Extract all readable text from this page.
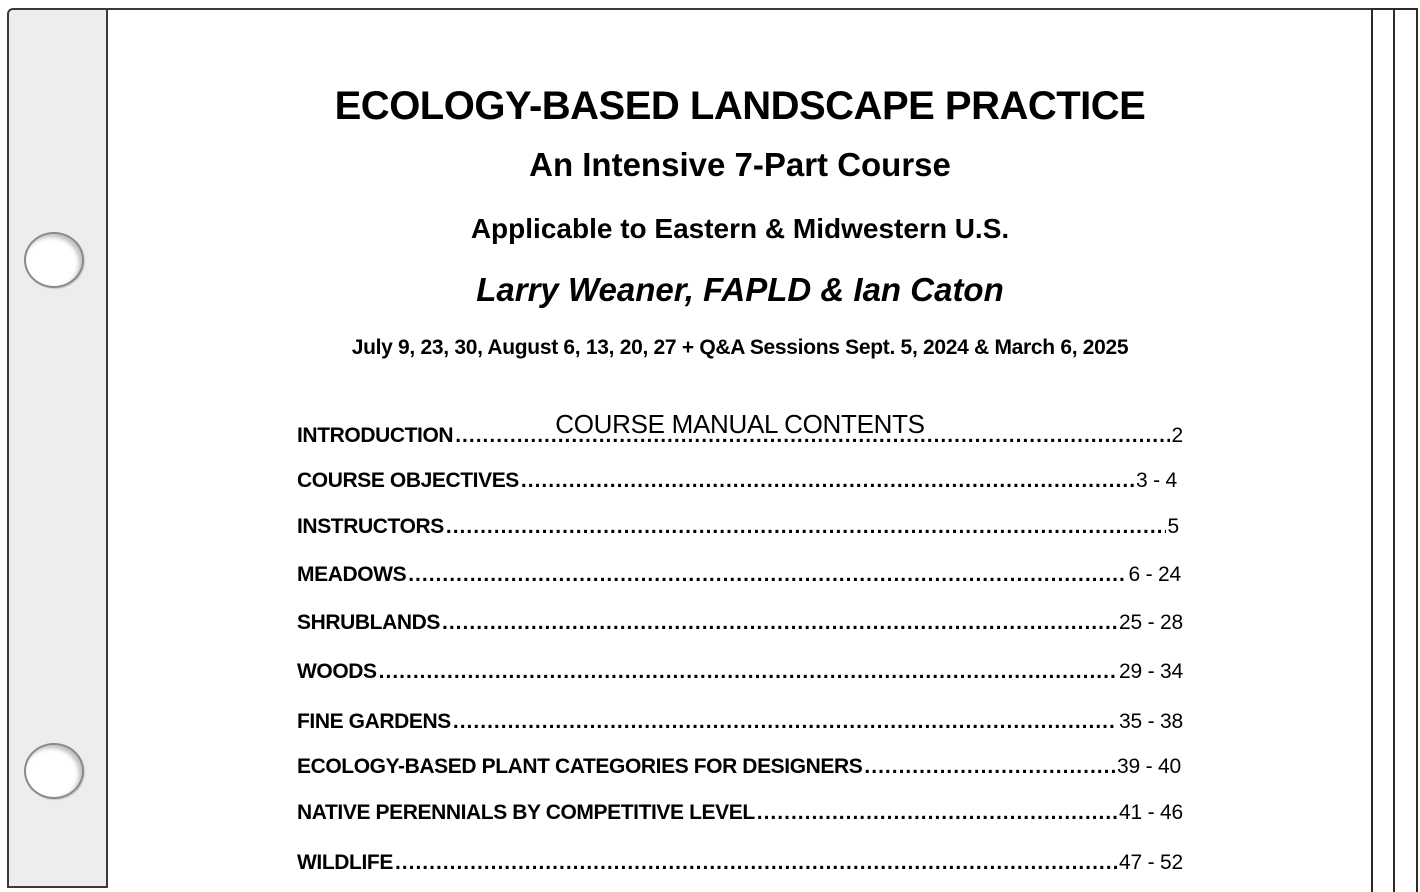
ECOLOGY-BASED LANDSCAPE PRACTICE
An Intensive 7-Part Course
Applicable to Eastern & Midwestern U.S.
Larry Weaner, FAPLD & Ian Caton

July 9, 23, 30, August 6, 13, 20, 27 + Q&A Sessions Sept. 5, 2024 & March 6, 2025

COURSE MANUAL CONTENTS
INTRODUCTION .....	2
COURSE OBJECTIVES .....	3 - 4
INSTRUCTORS .....	5
MEADOWS .....	6 - 24
SHRUBLANDS .....	25 - 28
WOODS .....	29 - 34
FINE GARDENS .....	35 - 38
ECOLOGY-BASED PLANT CATEGORIES FOR DESIGNERS .....	39 - 40
NATIVE PERENNIALS BY COMPETITIVE LEVEL .....	41 - 46
WILDLIFE .....	47 - 52
